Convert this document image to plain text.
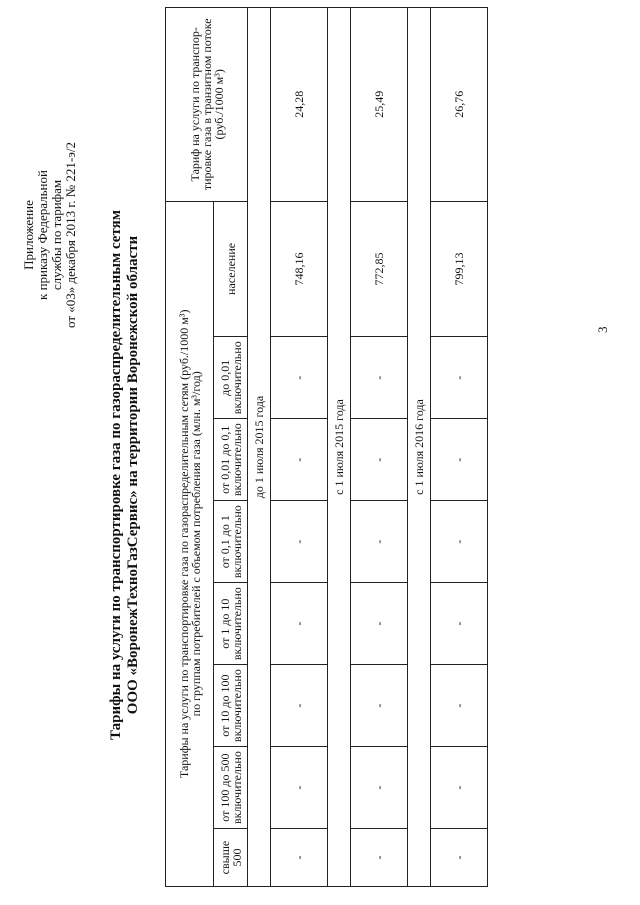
Приложение к приказу Федеральной службы по тарифам от «03» декабря 2013 г. № 221-э/2 Тарифы на услуги по транспортировке газа по газораспределительным сетям ООО «ВоронежТехноГазСервис» на территории Воронежской области	Тарифы на услуги по транспортировке газа по газораспределительным сетям (руб./1000 м³)
по группам потребителей с объемом потребления газа (млн. м³/год)								Тариф на услуги по транспор-тировке газа в транзитном потоке (руб./1000 м³)
свыше 500	от 100 до 500 включительно	от 10 до 100 включительно	от 1 до 10 включительно	от 0,1 до 1 включительно	от 0,01 до 0,1 включительно	до 0,01 включительно	население	
до 1 июля 2015 года								
-	-	-	-	-	-	-	748,16	24,28
с 1 июля 2015 года								
-	-	-	-	-	-	-	772,85	25,49
с 1 июля 2016 года								
-	-	-	-	-	-	-	799,13	26,76
3
